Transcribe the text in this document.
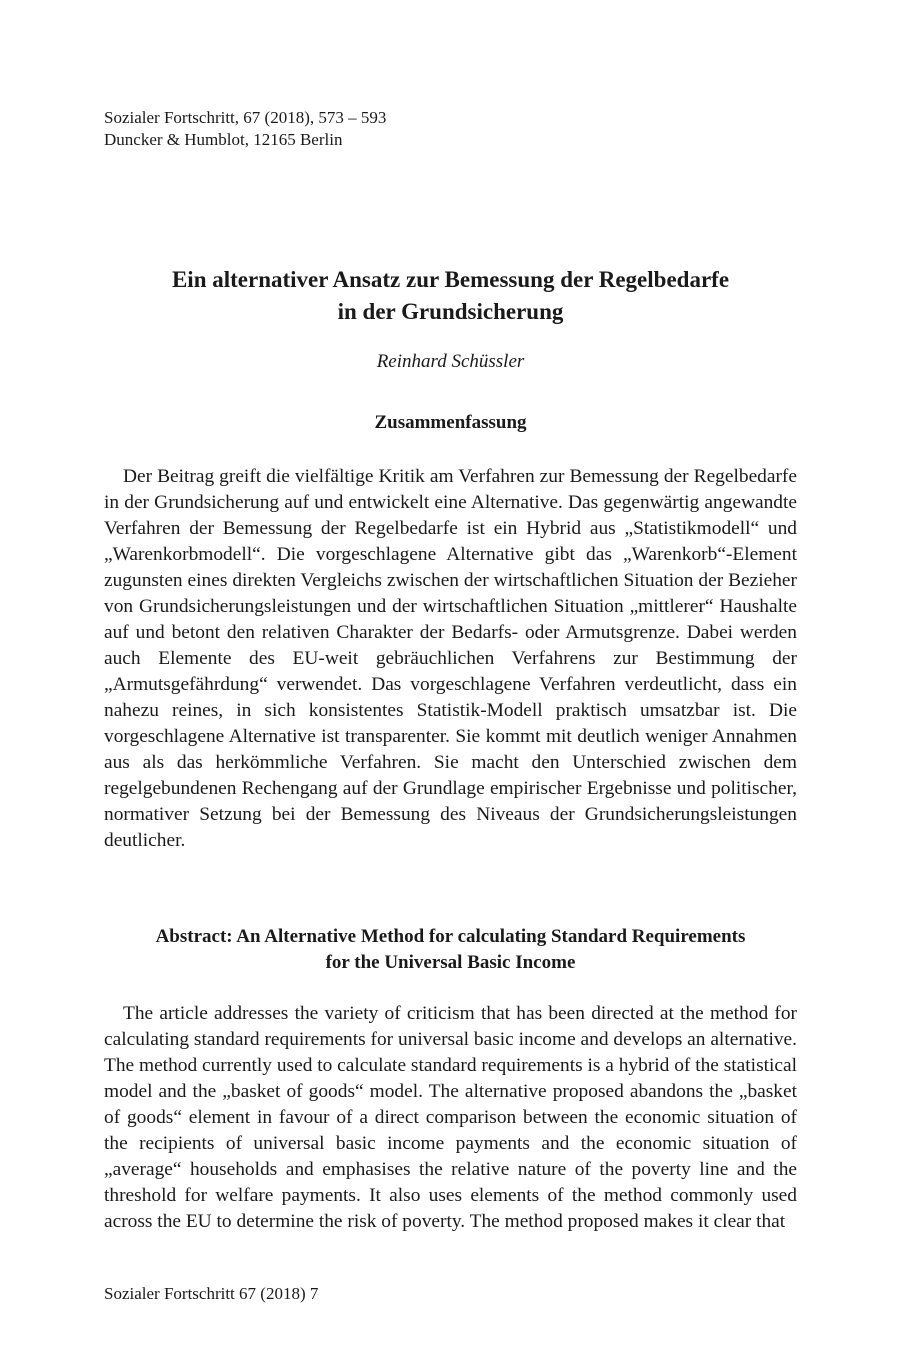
Sozialer Fortschritt, 67 (2018), 573 – 593
Duncker & Humblot, 12165 Berlin
Ein alternativer Ansatz zur Bemessung der Regelbedarfe
in der Grundsicherung

Reinhard Schüssler

Zusammenfassung

Der Beitrag greift die vielfältige Kritik am Verfahren zur Bemessung der Regelbedarfe in der Grundsicherung auf und entwickelt eine Alternative. Das gegenwärtig angewandte Verfahren der Bemessung der Regelbedarfe ist ein Hybrid aus „Statistikmodell“ und „Warenkorbmodell“. Die vorgeschlagene Alternative gibt das „Warenkorb“-Element zugunsten eines direkten Vergleichs zwischen der wirtschaftlichen Situation der Bezieher von Grundsicherungsleistungen und der wirtschaftlichen Situation „mittlerer“ Haushalte auf und betont den relativen Charakter der Bedarfs- oder Armutsgrenze. Dabei werden auch Elemente des EU-weit gebräuchlichen Verfahrens zur Bestimmung der „Armutsgefährdung“ verwendet. Das vorgeschlagene Verfahren verdeutlicht, dass ein nahezu reines, in sich konsistentes Statistik-Modell praktisch umsatzbar ist. Die vorgeschlagene Alternative ist transparenter. Sie kommt mit deutlich weniger Annahmen aus als das herkömmliche Verfahren. Sie macht den Unterschied zwischen dem regelgebundenen Rechengang auf der Grundlage empirischer Ergebnisse und politischer, normativer Setzung bei der Bemessung des Niveaus der Grundsicherungsleistungen deutlicher.

Abstract: An Alternative Method for calculating Standard Requirements
for the Universal Basic Income

The article addresses the variety of criticism that has been directed at the method for calculating standard requirements for universal basic income and develops an alternative. The method currently used to calculate standard requirements is a hybrid of the statistical model and the „basket of goods“ model. The alternative proposed abandons the „basket of goods“ element in favour of a direct comparison between the economic situation of the recipients of universal basic income payments and the economic situation of „average“ households and emphasises the relative nature of the poverty line and the threshold for welfare payments. It also uses elements of the method commonly used across the EU to determine the risk of poverty. The method proposed makes it clear that

Sozialer Fortschritt 67 (2018) 7
